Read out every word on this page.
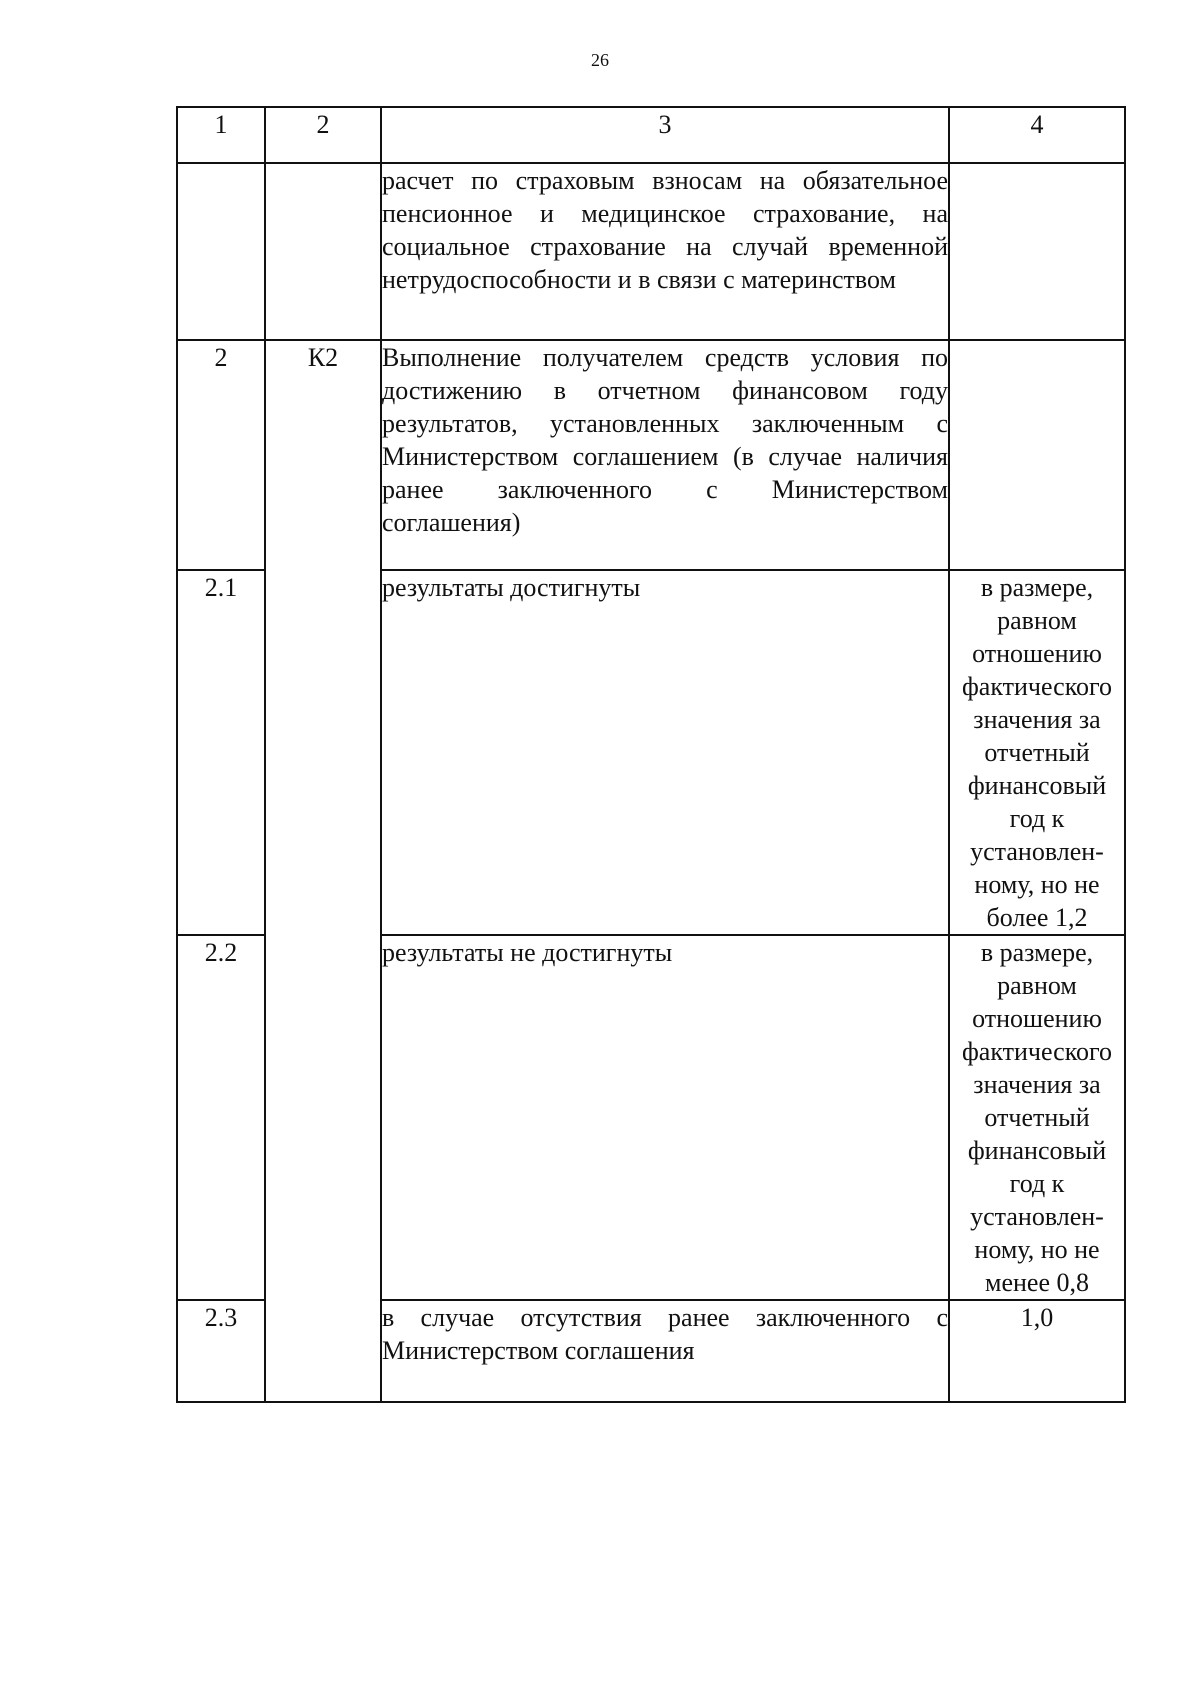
26
1	2	3	4

		расчет по страховым взносам на обязательное пенсионное и медицинское страхование, на социальное страхование на случай временной нетрудоспособности и в связи с материнством	

2	К2	Выполнение получателем средств условия по достижению в отчетном финансовом году результатов, установленных заключенным с Министерством соглашением (в случае наличия ранее заключенного с Министерством соглашения)	

2.1		результаты достигнуты	в размере, равном отношению фактического значения за отчетный финансовый год к установлен-ному, но не более 1,2
2.2		результаты не достигнуты	в размере, равном отношению фактического значения за отчетный финансовый год к установлен-ному, но не менее 0,8
2.3		в случае отсутствия ранее заключенного с Министерством соглашения	1,0
